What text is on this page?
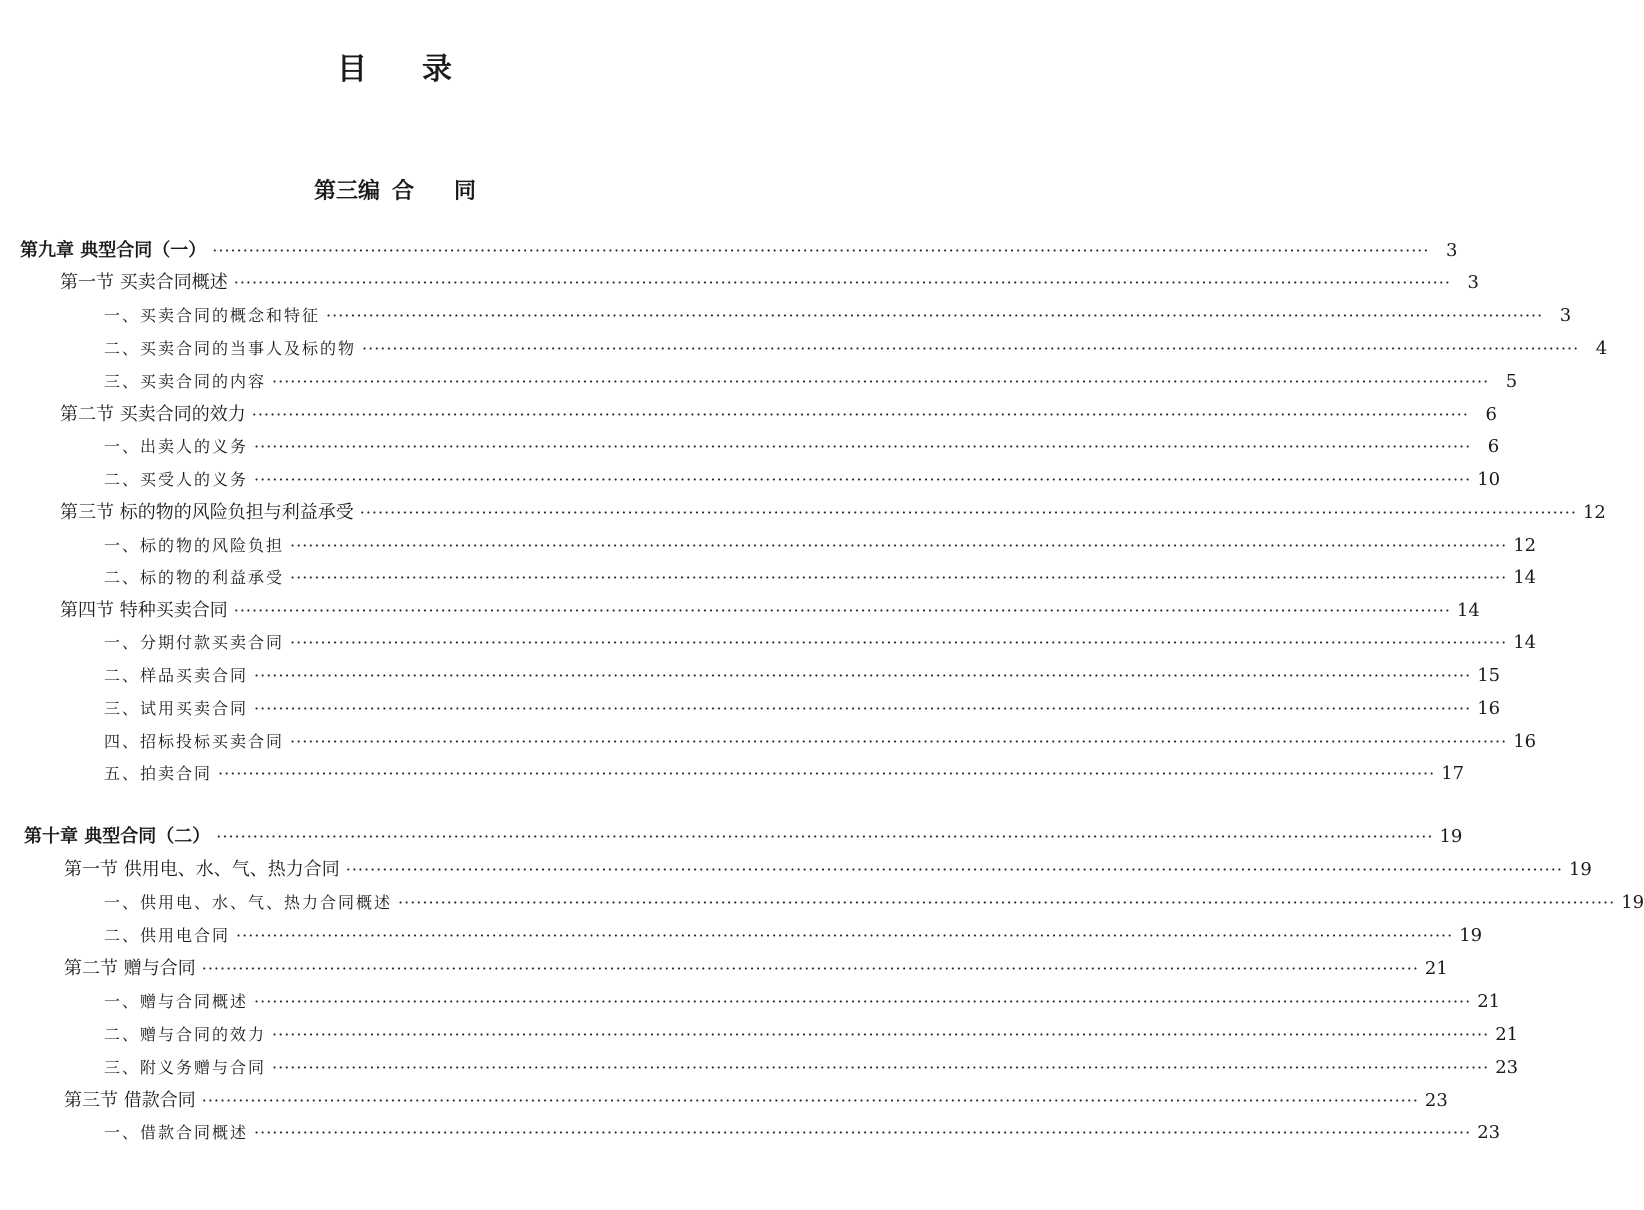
目 录
第三编 合 同
第九章 典型合同（一） ········································································································································································································ 3
第一节 买卖合同概述 ········································································································································································································ 3
一、买卖合同的概念和特征 ········································································································································································································ 3
二、买卖合同的当事人及标的物 ········································································································································································································ 4
三、买卖合同的内容 ········································································································································································································ 5
第二节 买卖合同的效力 ········································································································································································································ 6
一、出卖人的义务 ········································································································································································································ 6
二、买受人的义务 ········································································································································································································ 10
第三节 标的物的风险负担与利益承受 ········································································································································································································ 12
一、标的物的风险负担 ········································································································································································································ 12
二、标的物的利益承受 ········································································································································································································ 14
第四节 特种买卖合同 ········································································································································································································ 14
一、分期付款买卖合同 ········································································································································································································ 14
二、样品买卖合同 ········································································································································································································ 15
三、试用买卖合同 ········································································································································································································ 16
四、招标投标买卖合同 ········································································································································································································ 16
五、拍卖合同 ········································································································································································································ 17
第十章 典型合同（二） ········································································································································································································ 19
第一节 供用电、水、气、热力合同 ········································································································································································································ 19
一、供用电、水、气、热力合同概述 ········································································································································································································ 19
二、供用电合同 ········································································································································································································ 19
第二节 赠与合同 ········································································································································································································ 21
一、赠与合同概述 ········································································································································································································ 21
二、赠与合同的效力 ········································································································································································································ 21
三、附义务赠与合同 ········································································································································································································ 23
第三节 借款合同 ········································································································································································································ 23
一、借款合同概述 ········································································································································································································ 23
